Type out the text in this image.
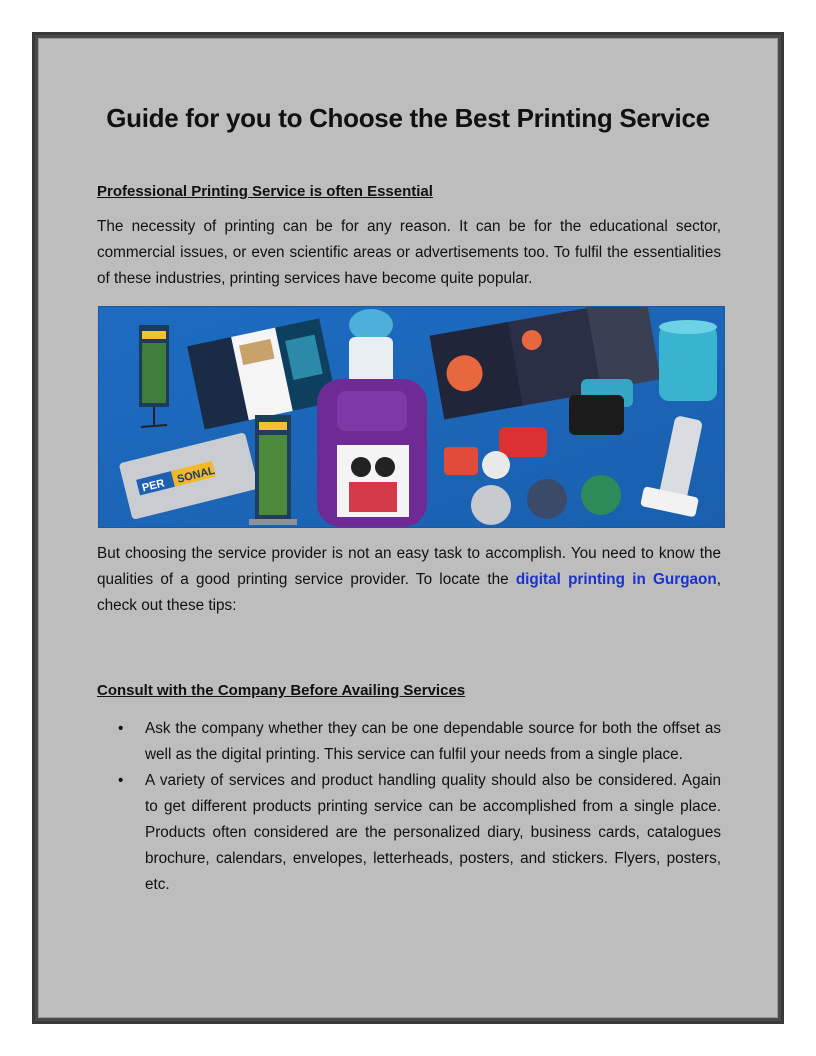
Guide for you to Choose the Best Printing Service
Professional Printing Service is often Essential
The necessity of printing can be for any reason. It can be for the educational sector, commercial issues, or even scientific areas or advertisements too. To fulfil the essentialities of these industries, printing services have become quite popular.
PER
SONAL
But choosing the service provider is not an easy task to accomplish. You need to know the qualities of a good printing service provider. To locate the digital printing in Gurgaon, check out these tips:
Consult with the Company Before Availing Services
• Ask the company whether they can be one dependable source for both the offset as well as the digital printing. This service can fulfil your needs from a single place.
• A variety of services and product handling quality should also be considered. Again to get different products printing service can be accomplished from a single place. Products often considered are the personalized diary, business cards, catalogues brochure, calendars, envelopes, letterheads, posters, and stickers. Flyers, posters, etc.
